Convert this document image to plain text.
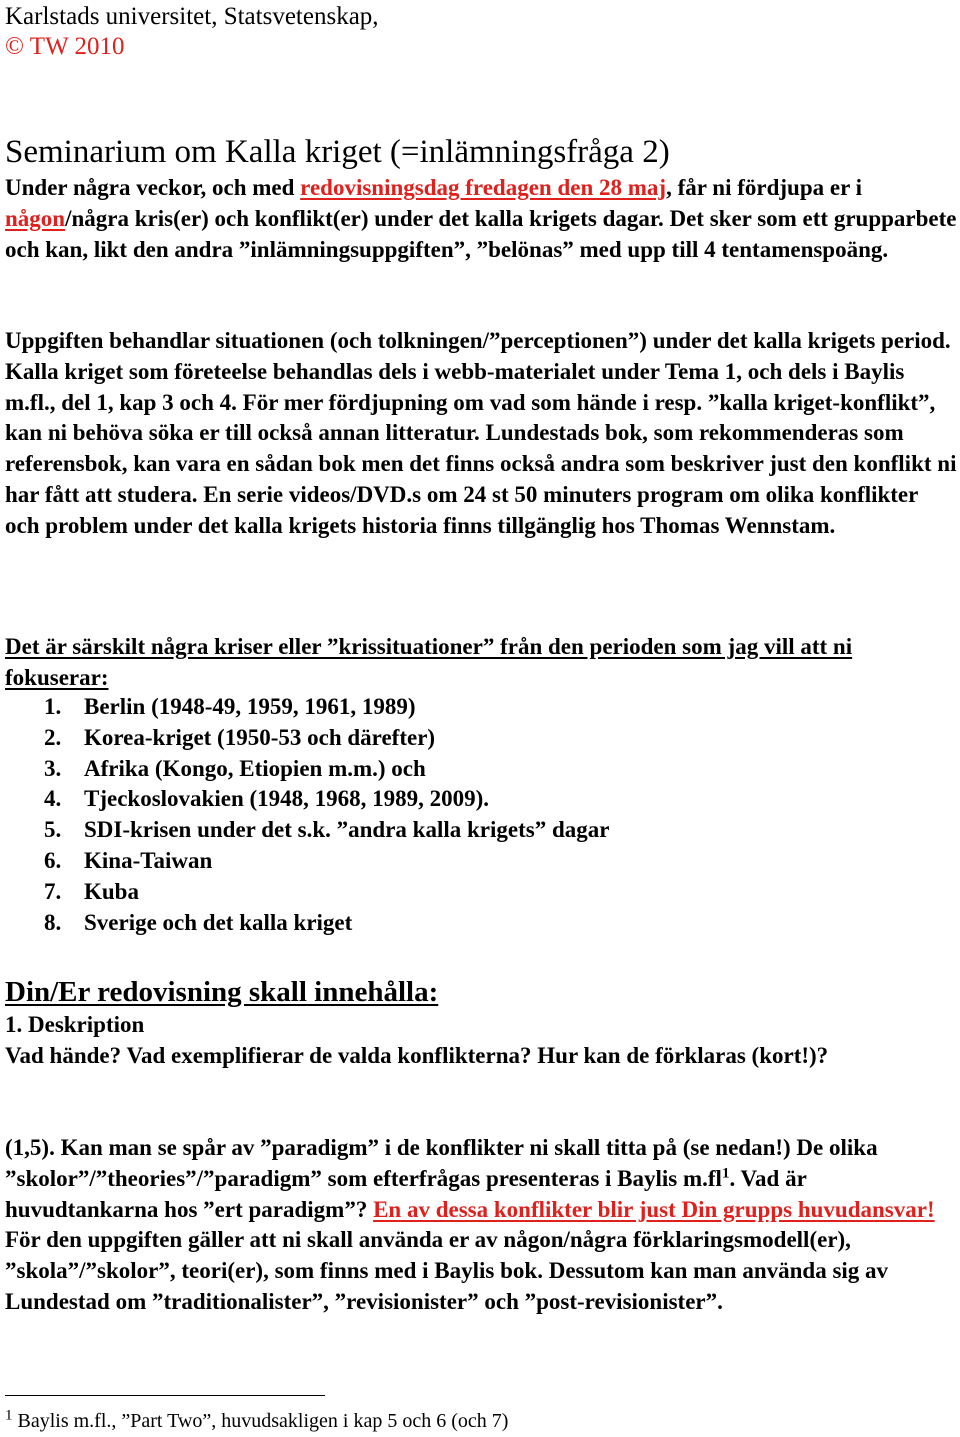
Karlstads universitet, Statsvetenskap,
© TW 2010
Seminarium om Kalla kriget (=inlämningsfråga 2)

Under några veckor, och med redovisningsdag fredagen den 28 maj, får ni fördjupa er i någon/några kris(er) och konflikt(er) under det kalla krigets dagar. Det sker som ett grupparbete och kan, likt den andra ”inlämningsuppgiften”, ”belönas” med upp till 4 tentamenspoäng.

Uppgiften behandlar situationen (och tolkningen/”perceptionen”) under det kalla krigets period. Kalla kriget som företeelse behandlas dels i webb-materialet under Tema 1, och dels i Baylis m.fl., del 1, kap 3 och 4. För mer fördjupning om vad som hände i resp. ”kalla kriget-konflikt”, kan ni behöva söka er till också annan litteratur. Lundestads bok, som rekommenderas som referensbok, kan vara en sådan bok men det finns också andra som beskriver just den konflikt ni har fått att studera. En serie videos/DVD.s om 24 st 50 minuters program om olika konflikter och problem under det kalla krigets historia finns tillgänglig hos Thomas Wennstam.

Det är särskilt några kriser eller ”krissituationer” från den perioden som jag vill att ni fokuserar:

1. Berlin (1948-49, 1959, 1961, 1989)
2. Korea-kriget (1950-53 och därefter)
3. Afrika (Kongo, Etiopien m.m.) och
4. Tjeckoslovakien (1948, 1968, 1989, 2009).
5. SDI-krisen under det s.k. ”andra kalla krigets” dagar
6. Kina-Taiwan
7. Kuba
8. Sverige och det kalla kriget
Din/Er redovisning skall innehålla:

1. Deskription

Vad hände? Vad exemplifierar de valda konflikterna? Hur kan de förklaras (kort!)?

(1,5). Kan man se spår av ”paradigm” i de konflikter ni skall titta på (se nedan!) De olika ”skolor”/”theories”/”paradigm” som efterfrågas presenteras i Baylis $m.fl^1$. Vad är huvudtankarna hos ”ert paradigm”? En av dessa konflikter blir just Din grupps huvudansvar! För den uppgiften gäller att ni skall använda er av någon/några förklaringsmodell(er), ”skola”/”skolor”, teori(er), som finns med i Baylis bok. Dessutom kan man använda sig av Lundestad om ”traditionalister”, ”revisionister” och ”post-revisionister”.

$^1$ Baylis m.fl., ”Part Two”, huvudsakligen i kap 5 och 6 (och 7)
